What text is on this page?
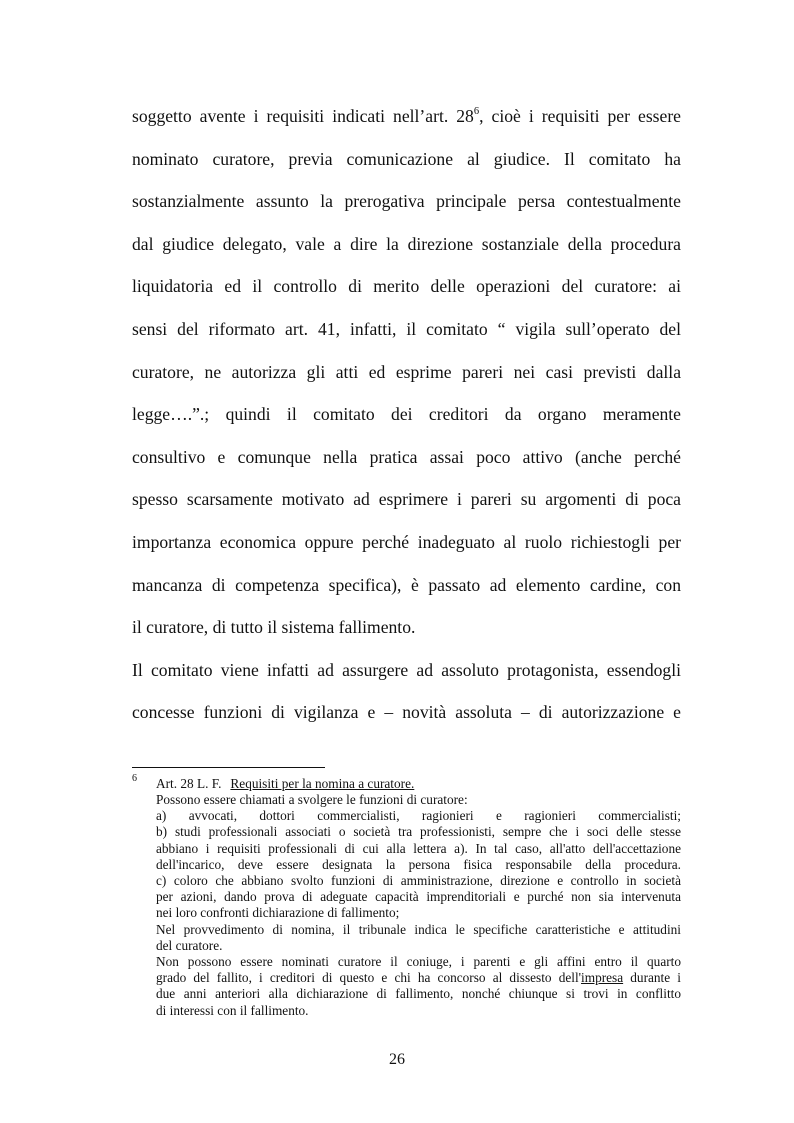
soggetto avente i requisiti indicati nell’art. 28$^6$, cioè i requisiti per essere
nominato curatore, previa comunicazione al giudice. Il comitato ha
sostanzialmente assunto la prerogativa principale persa contestualmente
dal giudice delegato, vale a dire la direzione sostanziale della procedura
liquidatoria ed il controllo di merito delle operazioni del curatore: ai
sensi del riformato art. 41, infatti, il comitato “ vigila sull’operato del
curatore, ne autorizza gli atti ed esprime pareri nei casi previsti dalla
legge….”.; quindi il comitato dei creditori da organo meramente
consultivo e comunque nella pratica assai poco attivo (anche perché
spesso scarsamente motivato ad esprimere i pareri su argomenti di poca
importanza economica oppure perché inadeguato al ruolo richiestogli per
mancanza di competenza specifica), è passato ad elemento cardine, con
il curatore, di tutto il sistema fallimento.
Il comitato viene infatti ad assurgere ad assoluto protagonista, essendogli
concesse funzioni di vigilanza e – novità assoluta – di autorizzazione e
6 Art. 28 L. F. Requisiti per la nomina a curatore.
Possono essere chiamati a svolgere le funzioni di curatore:
a) avvocati, dottori commercialisti, ragionieri e ragionieri commercialisti;
b) studi professionali associati o società tra professionisti, sempre che i soci delle stesse
abbiano i requisiti professionali di cui alla lettera a). In tal caso, all'atto dell'accettazione
dell'incarico, deve essere designata la persona fisica responsabile della procedura.
c) coloro che abbiano svolto funzioni di amministrazione, direzione e controllo in società
per azioni, dando prova di adeguate capacità imprenditoriali e purché non sia intervenuta
nei loro confronti dichiarazione di fallimento;
Nel provvedimento di nomina, il tribunale indica le specifiche caratteristiche e attitudini
del curatore.
Non possono essere nominati curatore il coniuge, i parenti e gli affini entro il quarto
grado del fallito, i creditori di questo e chi ha concorso al dissesto dell'impresa durante i
due anni anteriori alla dichiarazione di fallimento, nonché chiunque si trovi in conflitto
di interessi con il fallimento.
26
